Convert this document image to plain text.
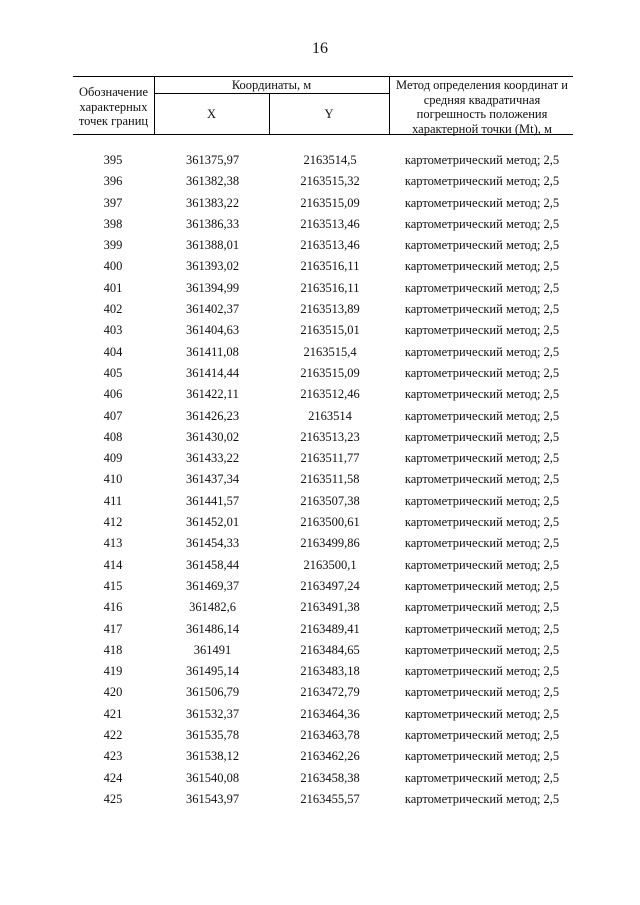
16
Обозначение характерных точек границ
Координаты, м
X	Y
Метод определения координат и средняя квадратичная погрешность положения характерной точки (Mt), м
395	361375,97	2163514,5	картометрический метод; 2,5
396	361382,38	2163515,32	картометрический метод; 2,5
397	361383,22	2163515,09	картометрический метод; 2,5
398	361386,33	2163513,46	картометрический метод; 2,5
399	361388,01	2163513,46	картометрический метод; 2,5
400	361393,02	2163516,11	картометрический метод; 2,5
401	361394,99	2163516,11	картометрический метод; 2,5
402	361402,37	2163513,89	картометрический метод; 2,5
403	361404,63	2163515,01	картометрический метод; 2,5
404	361411,08	2163515,4	картометрический метод; 2,5
405	361414,44	2163515,09	картометрический метод; 2,5
406	361422,11	2163512,46	картометрический метод; 2,5
407	361426,23	2163514	картометрический метод; 2,5
408	361430,02	2163513,23	картометрический метод; 2,5
409	361433,22	2163511,77	картометрический метод; 2,5
410	361437,34	2163511,58	картометрический метод; 2,5
411	361441,57	2163507,38	картометрический метод; 2,5
412	361452,01	2163500,61	картометрический метод; 2,5
413	361454,33	2163499,86	картометрический метод; 2,5
414	361458,44	2163500,1	картометрический метод; 2,5
415	361469,37	2163497,24	картометрический метод; 2,5
416	361482,6	2163491,38	картометрический метод; 2,5
417	361486,14	2163489,41	картометрический метод; 2,5
418	361491	2163484,65	картометрический метод; 2,5
419	361495,14	2163483,18	картометрический метод; 2,5
420	361506,79	2163472,79	картометрический метод; 2,5
421	361532,37	2163464,36	картометрический метод; 2,5
422	361535,78	2163463,78	картометрический метод; 2,5
423	361538,12	2163462,26	картометрический метод; 2,5
424	361540,08	2163458,38	картометрический метод; 2,5
425	361543,97	2163455,57	картометрический метод; 2,5
